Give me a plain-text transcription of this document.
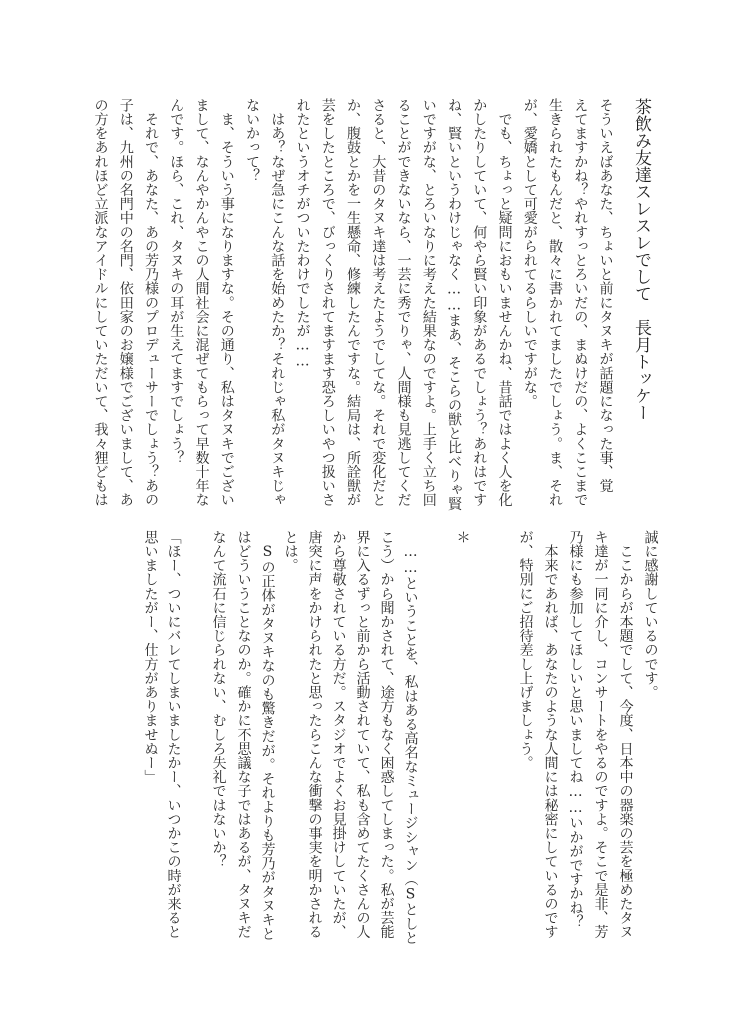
茶飲み友達スレスレでして　長月トッケー
そういえばあなた、ちょいと前にタヌキが話題になった事、覚
えてますかね？やれすっとろいだの、まぬけだの、よくここまで
生きられたもんだと、散々に書かれてましたでしょう。ま、それ
が、愛嬌として可愛がられてるらしいですがな。
　でも、ちょっと疑問におもいませんかね、昔話ではよく人を化
かしたりしていて、何やら賢い印象があるでしょう？あれはです
ね、賢いというわけじゃなく……まあ、そこらの獣と比べりゃ賢
いですがな、とろいなりに考えた結果なのですよ。上手く立ち回
ることができないなら、一芸に秀でりゃ、人間様も見逃してくだ
さると、大昔のタヌキ達は考えたようでしてな。それで変化だと
か、腹鼓とかを一生懸命、修練したんですな。結局は、所詮獣が
芸をしたところで、びっくりされてますます恐ろしいやつ扱いさ
れたというオチがついたわけでしたが……
　はあ？なぜ急にこんな話を始めたか？それじゃ私がタヌキじゃ
ないかって？
　ま、そういう事になりますな。その通り、私はタヌキでござい
まして、なんやかんやこの人間社会に混ぜてもらって早数十年な
んです。ほら、これ、タヌキの耳が生えてますでしょう？
　それで、あなた、あの芳乃様のプロデューサーでしょう？あの
子は、九州の名門中の名門、依田家のお嬢様でございまして、あ
の方をあれほど立派なアイドルにしていただいて、我々狸どもは
誠に感謝しているのです。
　ここからが本題でして、今度、日本中の器楽の芸を極めたタヌ
キ達が一同に介し、コンサートをやるのですよ。そこで是非、芳
乃様にも参加してほしいと思いましてね……いかがですかね？
　本来であれば、あなたのような人間には秘密にしているのです
が、特別にご招待差し上げましょう。
　＊
　……ということを、私はある高名なミュージシャン（Sとしと
こう）から聞かされて、途方もなく困惑してしまった。私が芸能
界に入るずっと前から活動されていて、私も含めてたくさんの人
から尊敬されている方だ。スタジオでよくお見掛けしていたが、
唐突に声をかけられたと思ったらこんな衝撃の事実を明かされる
とは。
　Sの正体がタヌキなのも驚きだが。それよりも芳乃がタヌキと
はどういうことなのか。確かに不思議な子ではあるが、タヌキだ
なんて流石に信じられない、むしろ失礼ではないか？
「ほー、ついにバレてしまいましたかー、いつかこの時が来ると
思いましたがー、仕方がありませぬー」
